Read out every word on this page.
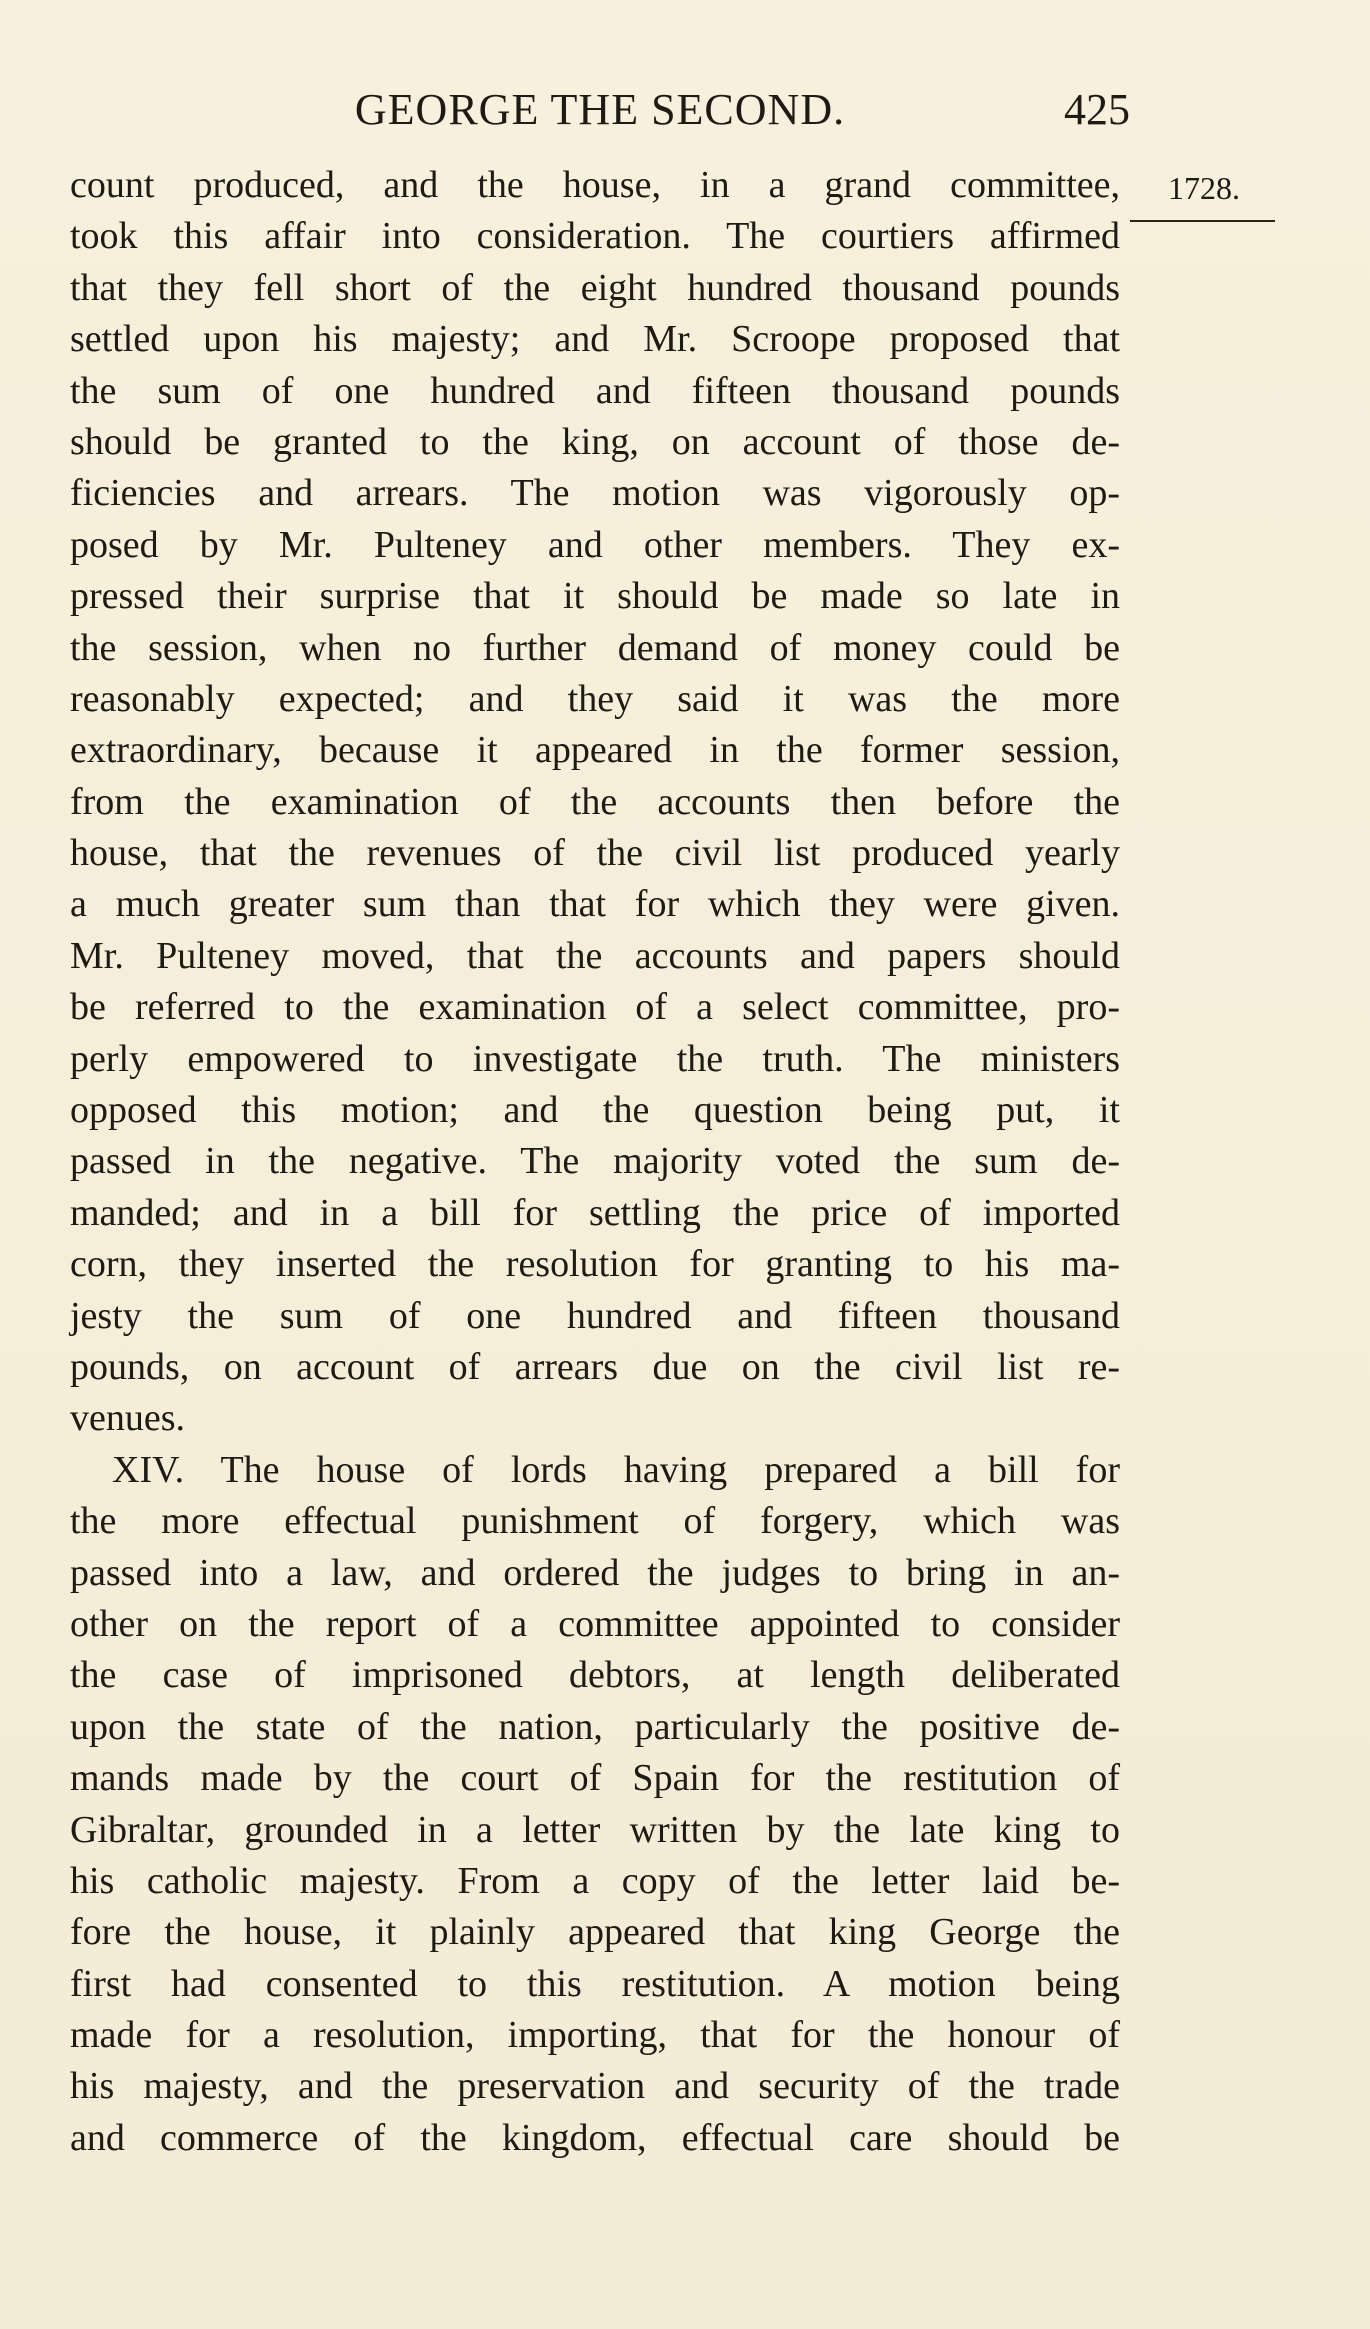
GEORGE THE SECOND.	425
1728.
count produced, and the house, in a grand committee,
took this affair into consideration. The courtiers affirmed
that they fell short of the eight hundred thousand pounds
settled upon his majesty; and Mr. Scroope proposed that
the sum of one hundred and fifteen thousand pounds
should be granted to the king, on account of those de-
ficiencies and arrears. The motion was vigorously op-
posed by Mr. Pulteney and other members. They ex-
pressed their surprise that it should be made so late in
the session, when no further demand of money could be
reasonably expected; and they said it was the more
extraordinary, because it appeared in the former session,
from the examination of the accounts then before the
house, that the revenues of the civil list produced yearly
a much greater sum than that for which they were given.
Mr. Pulteney moved, that the accounts and papers should
be referred to the examination of a select committee, pro-
perly empowered to investigate the truth. The ministers
opposed this motion; and the question being put, it
passed in the negative. The majority voted the sum de-
manded; and in a bill for settling the price of imported
corn, they inserted the resolution for granting to his ma-
jesty the sum of one hundred and fifteen thousand
pounds, on account of arrears due on the civil list re-
venues.
XIV. The house of lords having prepared a bill for
the more effectual punishment of forgery, which was
passed into a law, and ordered the judges to bring in an-
other on the report of a committee appointed to consider
the case of imprisoned debtors, at length deliberated
upon the state of the nation, particularly the positive de-
mands made by the court of Spain for the restitution of
Gibraltar, grounded in a letter written by the late king to
his catholic majesty. From a copy of the letter laid be-
fore the house, it plainly appeared that king George the
first had consented to this restitution. A motion being
made for a resolution, importing, that for the honour of
his majesty, and the preservation and security of the trade
and commerce of the kingdom, effectual care should be
